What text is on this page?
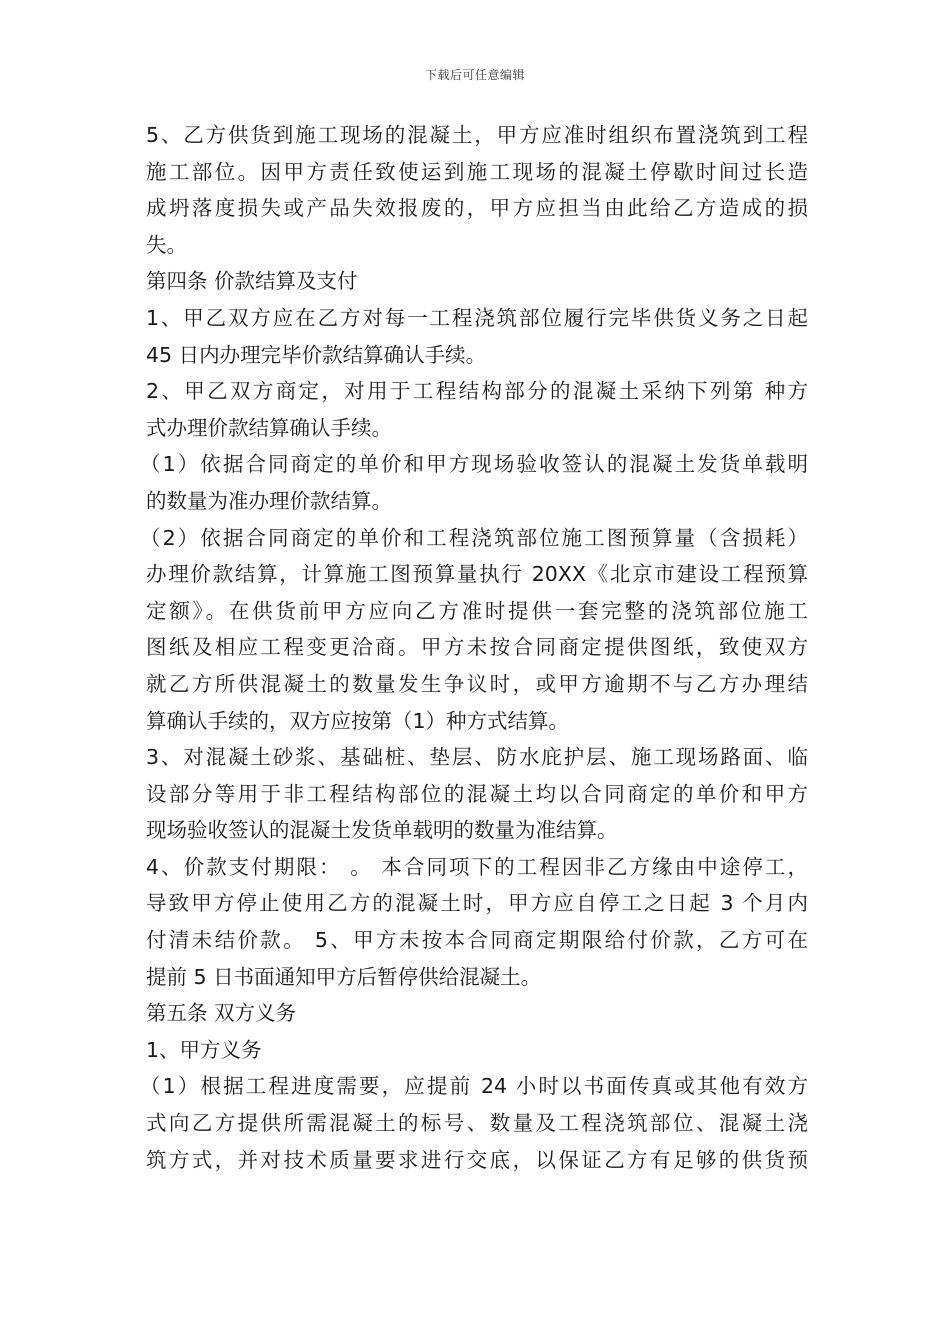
下载后可任意编辑
5、乙方供货到施工现场的混凝土，甲方应准时组织布置浇筑到工程
施工部位。因甲方责任致使运到施工现场的混凝土停歇时间过长造
成坍落度损失或产品失效报废的，甲方应担当由此给乙方造成的损
失。
第四条 价款结算及支付
1、甲乙双方应在乙方对每一工程浇筑部位履行完毕供货义务之日起
45 日内办理完毕价款结算确认手续。
2、甲乙双方商定，对用于工程结构部分的混凝土采纳下列第 种方
式办理价款结算确认手续。
（1）依据合同商定的单价和甲方现场验收签认的混凝土发货单载明
的数量为准办理价款结算。
（2）依据合同商定的单价和工程浇筑部位施工图预算量（含损耗）
办理价款结算，计算施工图预算量执行 20XX《北京市建设工程预算
定额》。在供货前甲方应向乙方准时提供一套完整的浇筑部位施工
图纸及相应工程变更洽商。甲方未按合同商定提供图纸，致使双方
就乙方所供混凝土的数量发生争议时，或甲方逾期不与乙方办理结
算确认手续的，双方应按第（1）种方式结算。
3、对混凝土砂浆、基础桩、垫层、防水庇护层、施工现场路面、临
设部分等用于非工程结构部位的混凝土均以合同商定的单价和甲方
现场验收签认的混凝土发货单载明的数量为准结算。
4、价款支付期限： 。 本合同项下的工程因非乙方缘由中途停工，
导致甲方停止使用乙方的混凝土时，甲方应自停工之日起 3 个月内
付清未结价款。 5、甲方未按本合同商定期限给付价款，乙方可在
提前 5 日书面通知甲方后暂停供给混凝土。
第五条 双方义务
1、甲方义务
（1）根据工程进度需要，应提前 24 小时以书面传真或其他有效方
式向乙方提供所需混凝土的标号、数量及工程浇筑部位、混凝土浇
筑方式，并对技术质量要求进行交底，以保证乙方有足够的供货预
